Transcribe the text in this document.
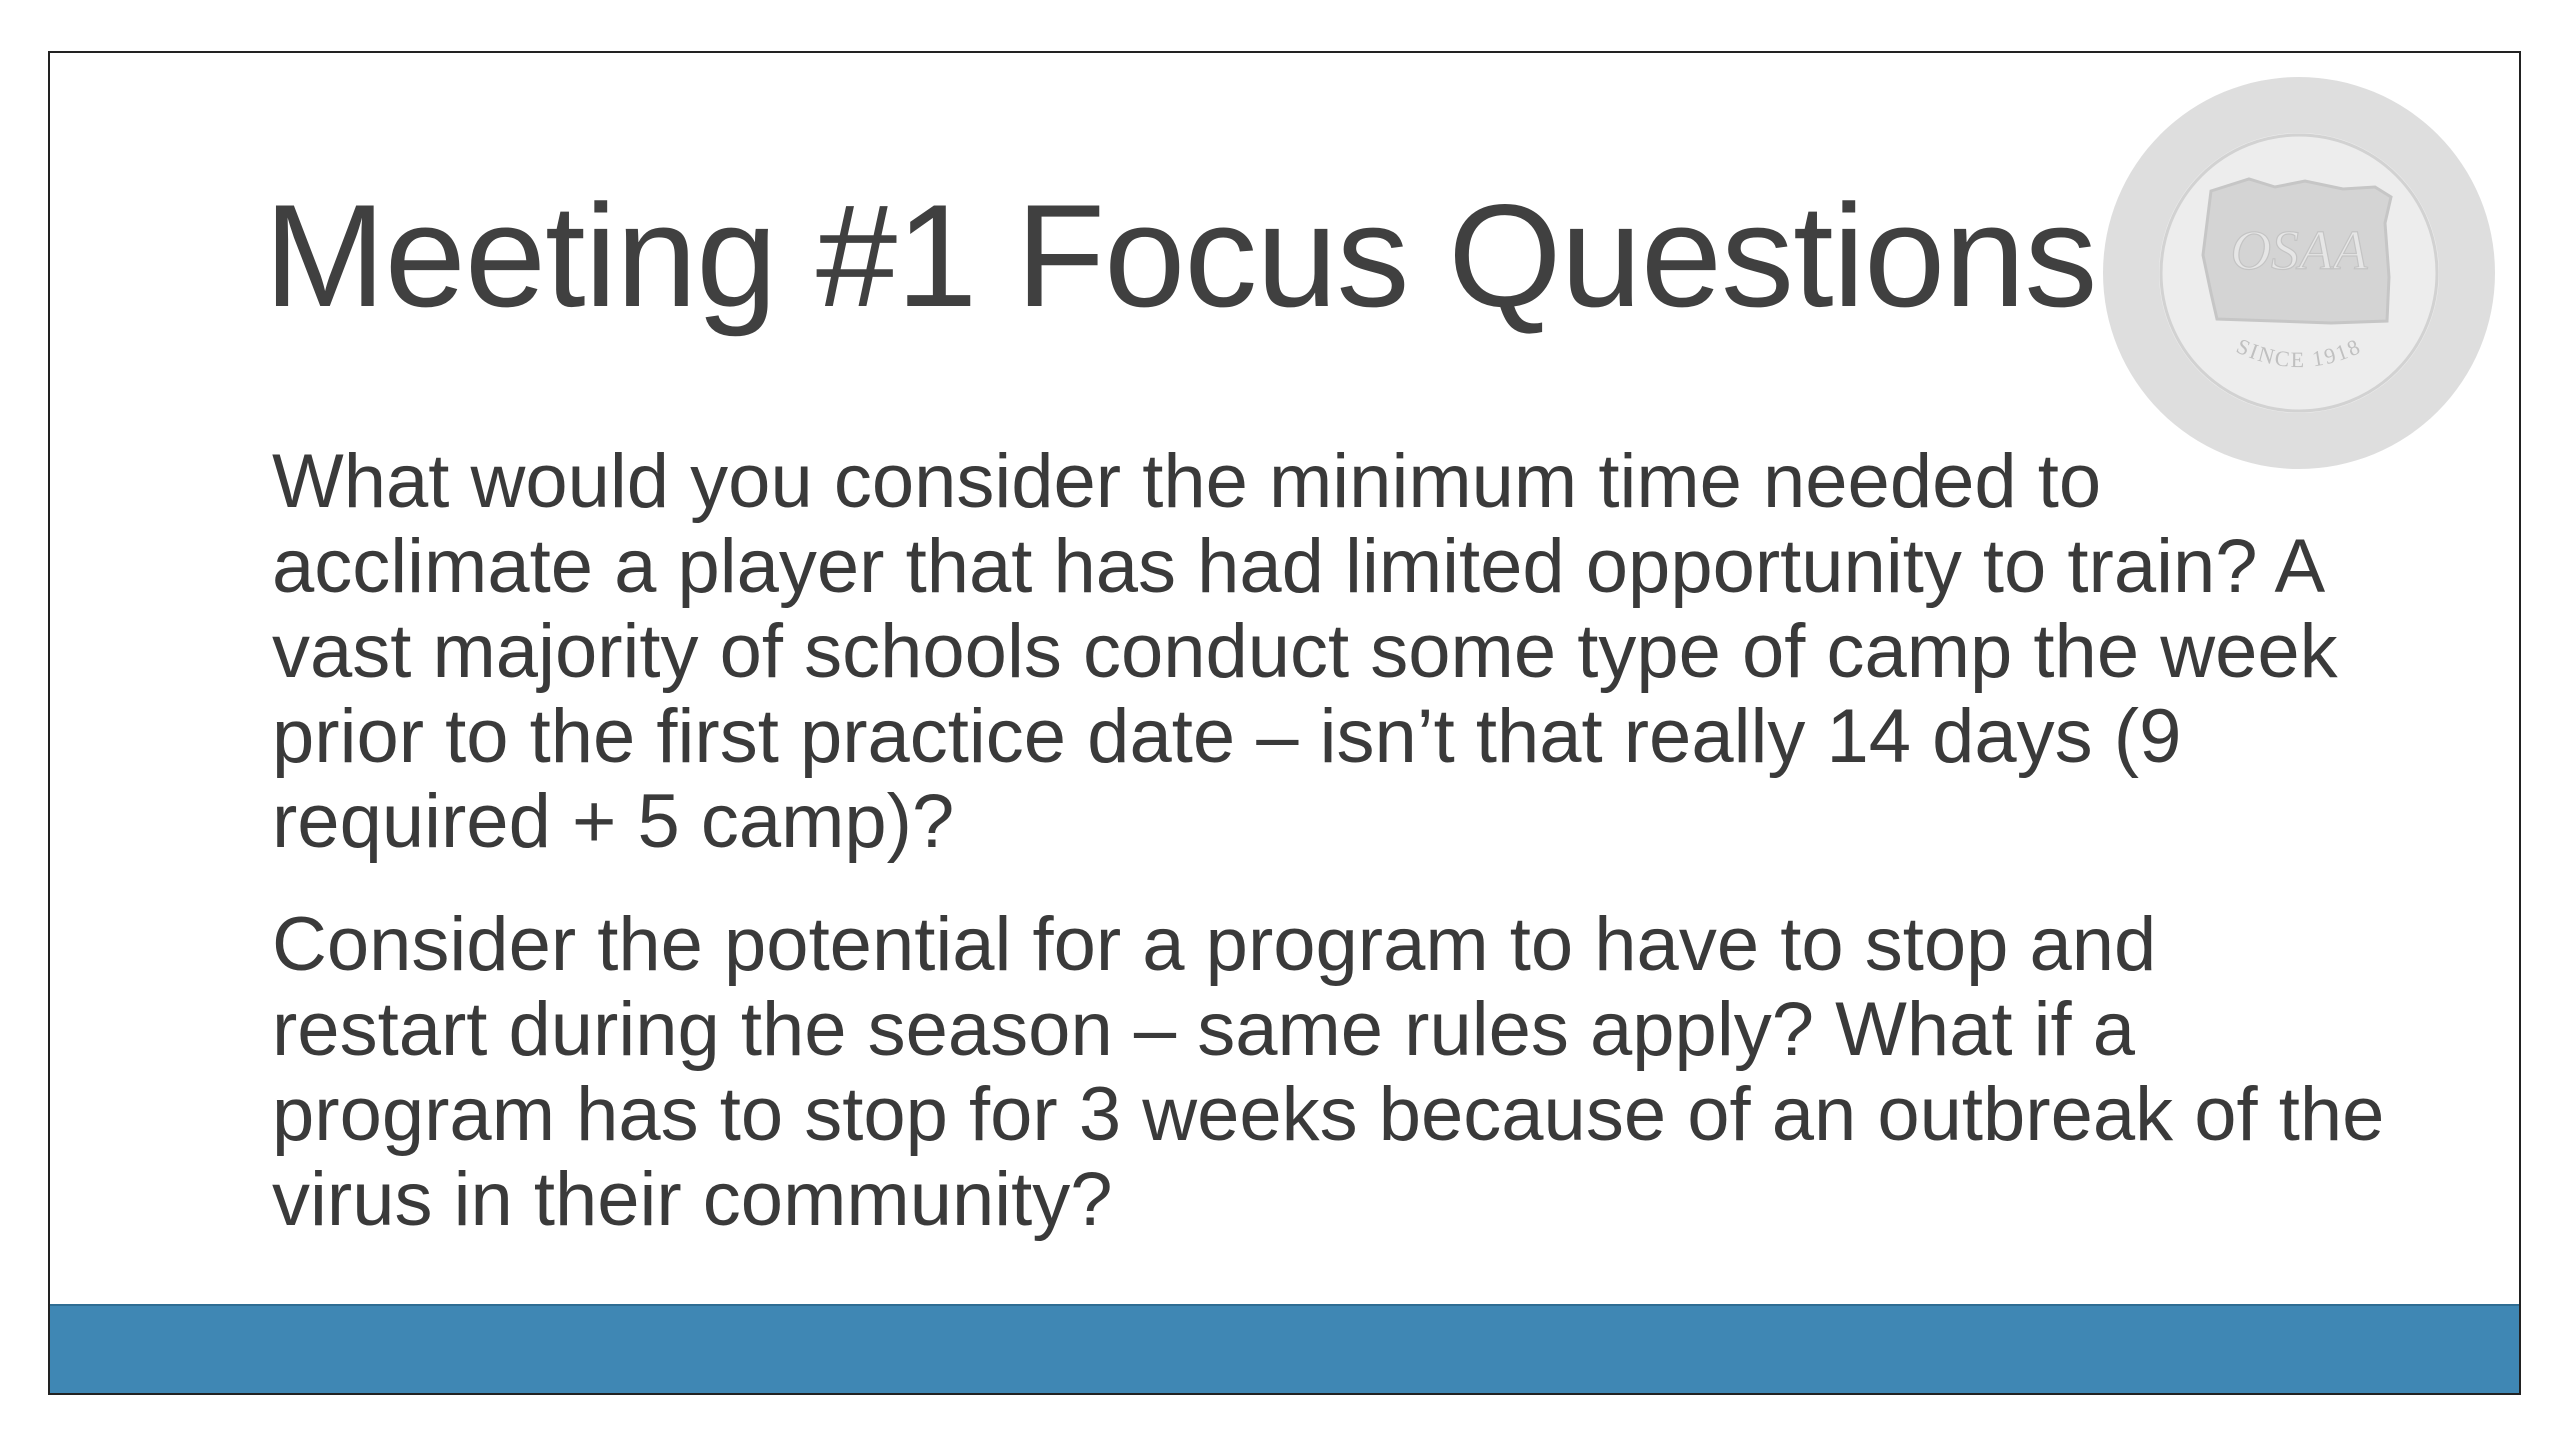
Meeting #1 Focus Questions OSAA
SINCE 1918

What would you consider the minimum time needed to acclimate a player that has had limited opportunity to train? A vast majority of schools conduct some type of camp the week prior to the first practice date – isn’t that really 14 days (9 required + 5 camp)?

Consider the potential for a program to have to stop and restart during the season – same rules apply? What if a program has to stop for 3 weeks because of an outbreak of the virus in their community?
